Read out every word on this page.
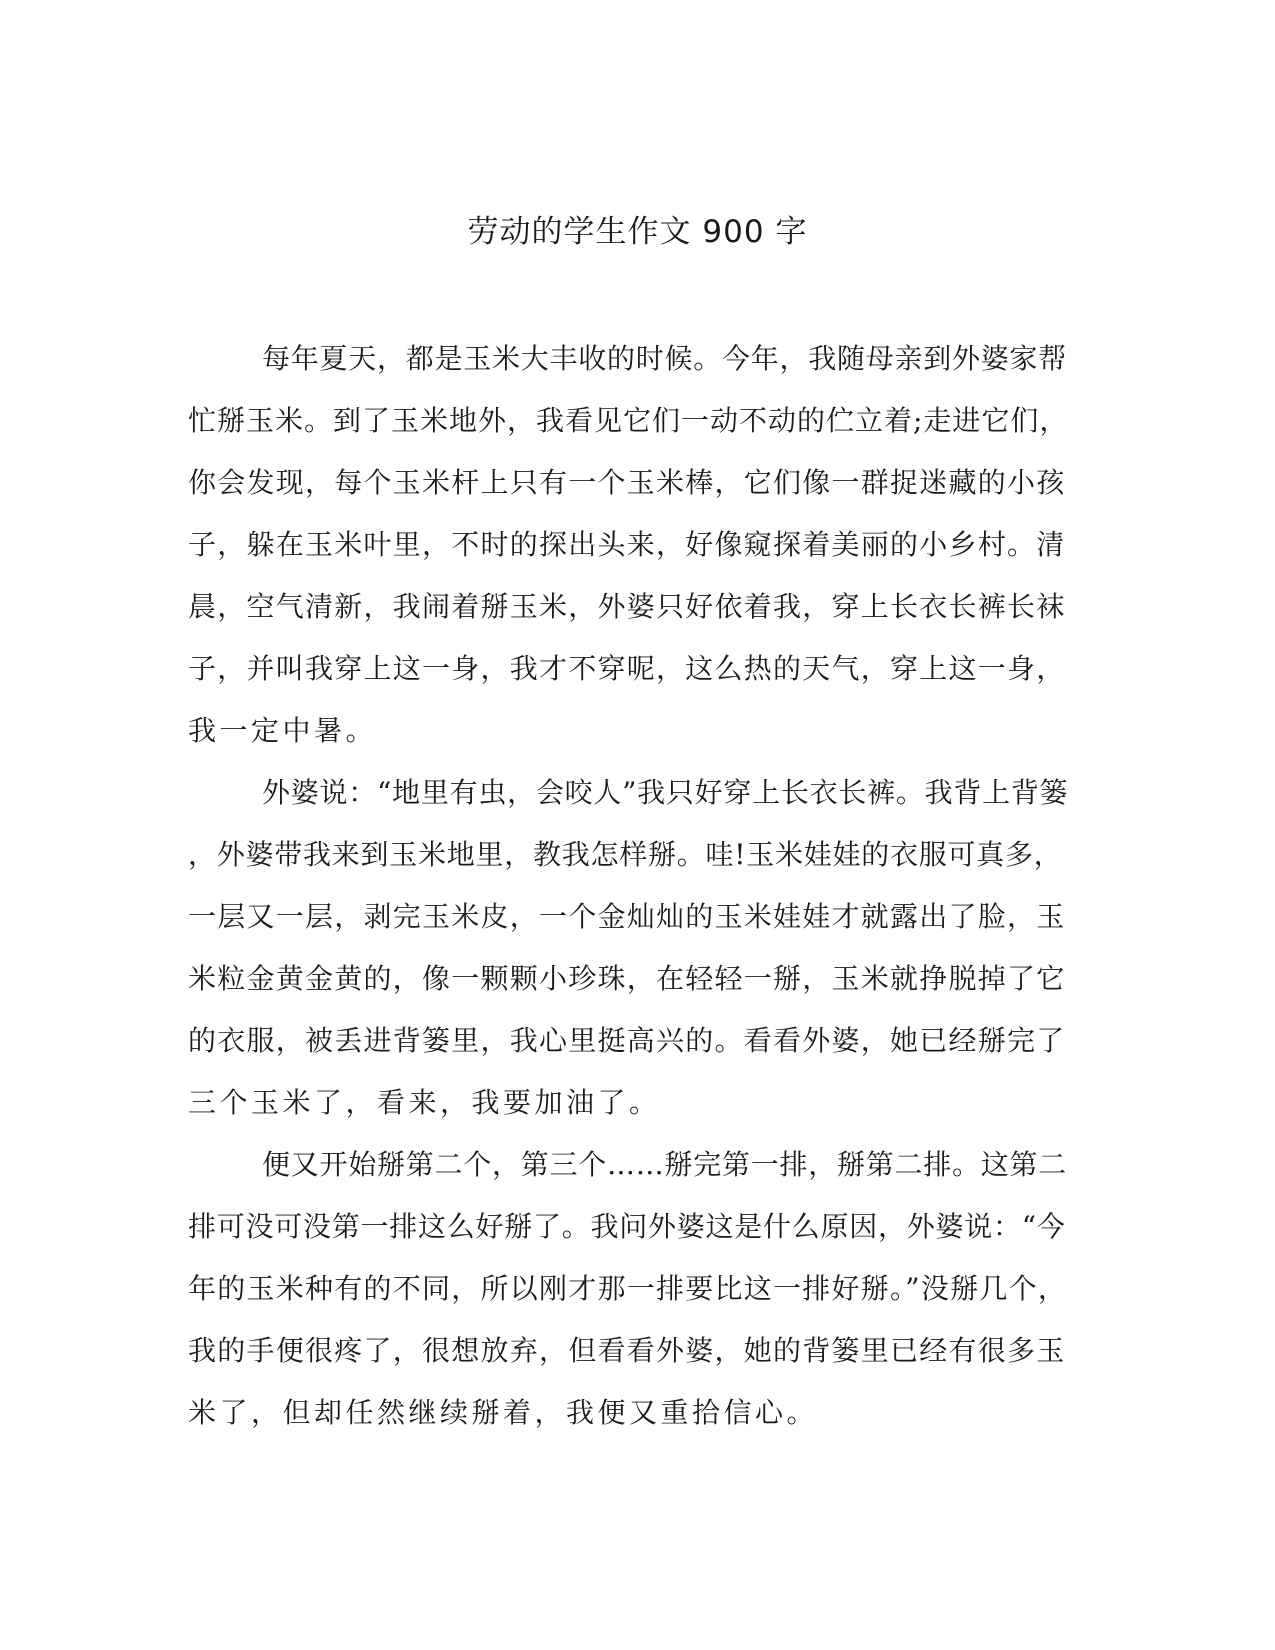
劳动的学生作文 900 字
每年夏天，都是玉米大丰收的时候。今年，我随母亲到外婆家帮
忙掰玉米。到了玉米地外，我看见它们一动不动的伫立着;走进它们，
你会发现，每个玉米杆上只有一个玉米棒，它们像一群捉迷藏的小孩
子，躲在玉米叶里，不时的探出头来，好像窥探着美丽的小乡村。清
晨，空气清新，我闹着掰玉米，外婆只好依着我，穿上长衣长裤长袜
子，并叫我穿上这一身，我才不穿呢，这么热的天气，穿上这一身，
我一定中暑。
外婆说：“地里有虫，会咬人”我只好穿上长衣长裤。我背上背篓
，外婆带我来到玉米地里，教我怎样掰。哇!玉米娃娃的衣服可真多，
一层又一层，剥完玉米皮，一个金灿灿的玉米娃娃才就露出了脸，玉
米粒金黄金黄的，像一颗颗小珍珠，在轻轻一掰，玉米就挣脱掉了它
的衣服，被丢进背篓里，我心里挺高兴的。看看外婆，她已经掰完了
三个玉米了，看来，我要加油了。
便又开始掰第二个，第三个……掰完第一排，掰第二排。这第二
排可没可没第一排这么好掰了。我问外婆这是什么原因，外婆说：“今
年的玉米种有的不同，所以刚才那一排要比这一排好掰。”没掰几个，
我的手便很疼了，很想放弃，但看看外婆，她的背篓里已经有很多玉
米了，但却任然继续掰着，我便又重拾信心。
